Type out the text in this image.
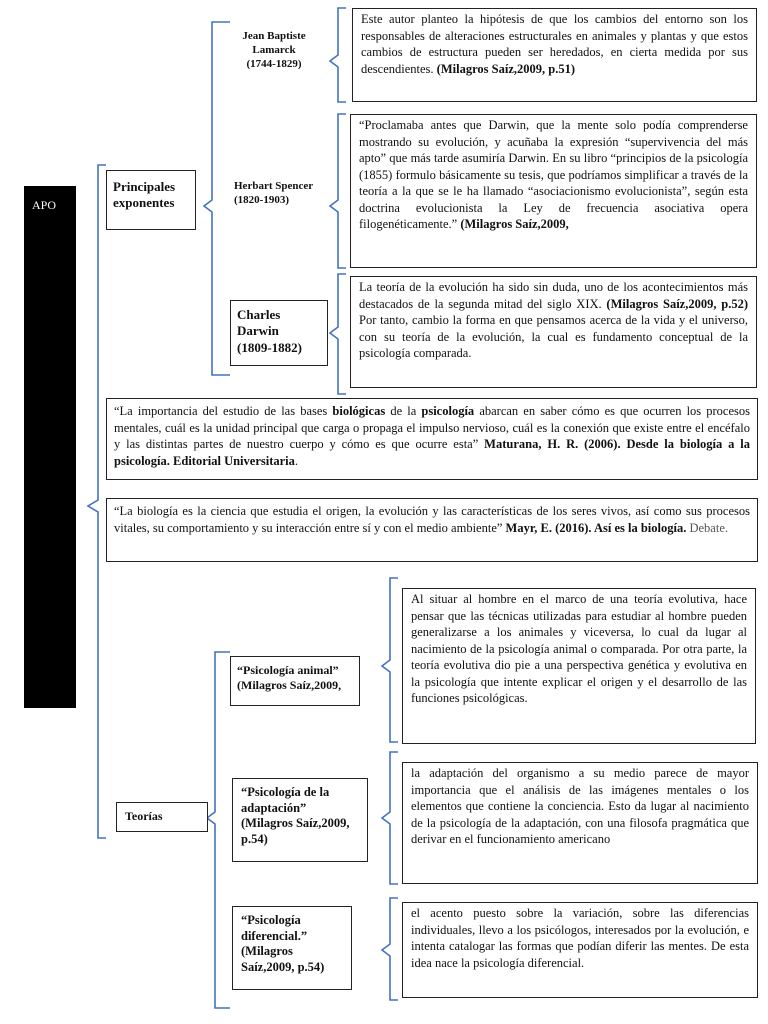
APO
Principales exponentes
Jean Baptiste Lamarck
(1744-1829)
Herbart Spencer
(1820-1903)
Charles Darwin
(1809-1882)
Este autor planteo la hipótesis de que los cambios del entorno son los responsables de alteraciones estructurales en animales y plantas y que estos cambios de estructura pueden ser heredados, en cierta medida por sus descendientes. (Milagros Saíz,2009, p.51)
“Proclamaba antes que Darwin, que la mente solo podía comprenderse mostrando su evolución, y acuñaba la expresión “supervivencia del más apto” que más tarde asumiría Darwin. En su libro “principios de la psicología (1855) formulo básicamente su tesis, que podríamos simplificar a través de la teoría a la que se le ha llamado “asociacionismo evolucionista”, según esta doctrina evolucionista la Ley de frecuencia asociativa opera filogenéticamente.” (Milagros Saíz,2009,
La teoría de la evolución ha sido sin duda, uno de los acontecimientos más destacados de la segunda mitad del siglo XIX. (Milagros Saíz,2009, p.52) Por tanto, cambio la forma en que pensamos acerca de la vida y el universo, con su teoría de la evolución, la cual es fundamento conceptual de la psicología comparada.
“La importancia del estudio de las bases biológicas de la psicología abarcan en saber cómo es que ocurren los procesos mentales, cuál es la unidad principal que carga o propaga el impulso nervioso, cuál es la conexión que existe entre el encéfalo y las distintas partes de nuestro cuerpo y cómo es que ocurre esta” Maturana, H. R. (2006). Desde la biología a la psicología. Editorial Universitaria.
“La biología es la ciencia que estudia el origen, la evolución y las características de los seres vivos, así como sus procesos vitales, su comportamiento y su interacción entre sí y con el medio ambiente” Mayr, E. (2016). Así es la biología. Debate.
Teorías
“Psicología animal” (Milagros Saíz,2009,
“Psicología de la adaptación” (Milagros Saíz,2009, p.54)
“Psicología diferencial.” (Milagros Saíz,2009, p.54)
Al situar al hombre en el marco de una teoría evolutiva, hace pensar que las técnicas utilizadas para estudiar al hombre pueden generalizarse a los animales y viceversa, lo cual da lugar al nacimiento de la psicología animal o comparada. Por otra parte, la teoría evolutiva dio pie a una perspectiva genética y evolutiva en la psicología que intente explicar el origen y el desarrollo de las funciones psicológicas.
la adaptación del organismo a su medio parece de mayor importancia que el análisis de las imágenes mentales o los elementos que contiene la conciencia. Esto da lugar al nacimiento de la psicología de la adaptación, con una filosofa pragmática que derivar en el funcionamiento americano
el acento puesto sobre la variación, sobre las diferencias individuales, llevo a los psicólogos, interesados por la evolución, e intenta catalogar las formas que podían diferir las mentes. De esta idea nace la psicología diferencial.
